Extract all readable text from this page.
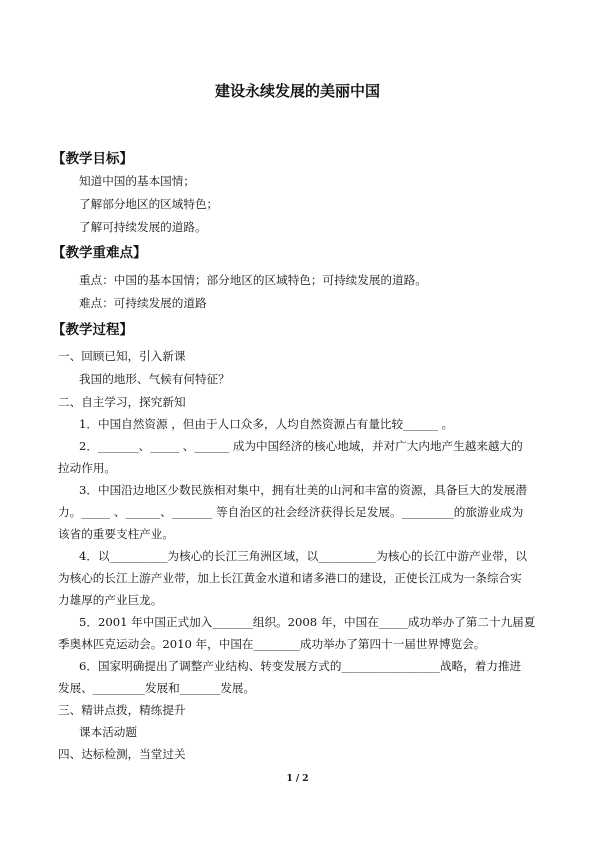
建设永续发展的美丽中国
【教学目标】
知道中国的基本国情；
了解部分地区的区域特色；
了解可持续发展的道路。
【教学重难点】
重点：中国的基本国情；部分地区的区域特色；可持续发展的道路。
难点：可持续发展的道路
【教学过程】
一、回顾已知，引入新课
我国的地形、气候有何特征？
二、自主学习，探究新知
1．中国自然资源 ，但由于人口众多，人均自然资源占有量比较______ 。
2．_______、_____ 、______ 成为中国经济的核心地域，并对广大内地产生越来越大的
拉动作用。
3．中国沿边地区少数民族相对集中，拥有壮美的山河和丰富的资源，具备巨大的发展潜
力。_____ 、______、_______ 等自治区的社会经济获得长足发展。_________的旅游业成为
该省的重要支柱产业。
4．以__________为核心的长江三角洲区域，以__________为核心的长江中游产业带，以
为核心的长江上游产业带，加上长江黄金水道和诸多港口的建设，正使长江成为一条综合实
力雄厚的产业巨龙。
5．2001 年中国正式加入_______组织。2008 年，中国在_____成功举办了第二十九届夏
季奥林匹克运动会。2010 年，中国在________成功举办了第四十一届世界博览会。
6．国家明确提出了调整产业结构、转变发展方式的_________________战略，着力推进
发展、_________发展和_______发展。
三、精讲点拨，精练提升
课本活动题
四、达标检测，当堂过关
1 / 2
